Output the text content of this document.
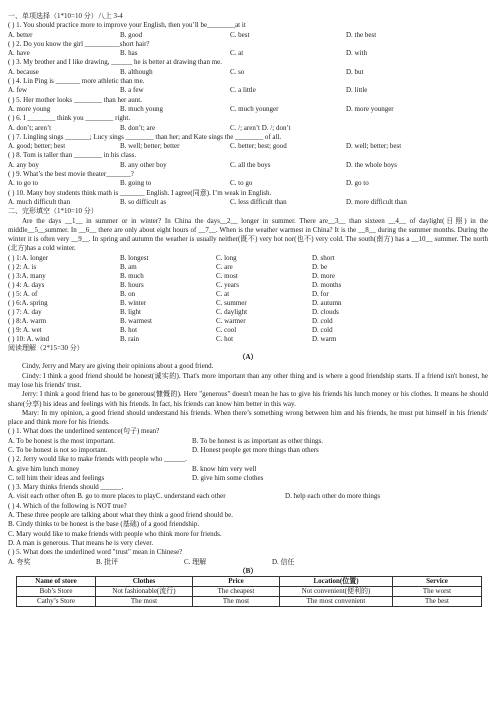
一、单项选择（1*10=10 分）八上 3-4
( ) 1. You should practice more to improve your English, then you’ll be________at it
A. better	B. good	C. best	D. the best
( ) 2. Do you know the girl __________short hair?
A. have	B. has	C. at	D. with
( ) 3. My brother and I like drawing, ______ he is better at drawing than me.
A. because	B. although	C. so	D. but
( ) 4. Lin Ping is _______ more athletic than me.
A. few	B. a few	C. a little	D. little
( ) 5. Her mother looks ________ than her aunt.
A. more young	B. much young	C. much younger	D. more younger
( ) 6. I ________ think you ________ right.
A. don’t; aren’t	B. don’t; are	C. /; aren’t D. /; don’t
( ) 7. Lingling sings _______; Lucy sings ________ than her; and Kate sings the ________ of all.
A. good; better; best	B. well; better; better	C. better; best; good	D. well; better; best
( ) 8. Tom is taller than ________ in his class.
A. any boy	B. any other boy	C. all the boys	D. the whole boys
( ) 9. What’s the best movie theater_______?
A. to go to	B. going to	C. to go	D. go to
( ) 10. Many boy students think math is _______ English. I agree(同意). I’m weak in English.
A. much difficult than	B. so difficult as	C. less difficult than	D. more difficult than
二、完形填空（1*10=10 分）
Are the days __1__ in summer or in winter? In China the days__2__ longer in summer. There are__3__ than sixteen __4__ of daylight(日照) in the middle__5__summer. In __6__ there are only about eight hours of __7__. When is the weather warmest in China? It is the __8__ during the summer months. During the winter it is often very __9__. In spring and autumn the weather is usually neither(既不) very hot nor(也不) very cold. The south(南方) has a __10__ summer. The north (北方)has a cold winter.
( ) 1:A. longer	B. longest	C. long	D. short
( ) 2: A. is	B. am	C. are	D. be
( ) 3:A. many	B. much	C. most	D. more
( ) 4: A. days	B. hours	C. years	D. months
( ) 5: A. of	B. on	C. at	D. for
( ) 6:A. spring	B. winter	C. summer	D. autumn
( ) 7: A. day	B. light	C. daylight	D. clouds
( ) 8:A. warm	B. warmest	C. warmer	D. cold
( ) 9: A. wet	B. hot	C. cool	D. cold
( ) 10: A. wind	B. rain	C. hot	D. warm
阅读理解（2*15=30 分）
（A）
Cindy, Jerry and Mary are giving their opinions about a good friend.
Cindy: I think a good friend should be honest(诚实的). That's more important than any other thing and is where a good friendship starts. If a friend isn't honest, he may lose his friends' trust.
Jerry: I think a good friend has to be generous(慷慨的). Here "generous" doesn't mean he has to give his friends his lunch money or his clothes. It means he should share(分享) his ideas and feelings with his friends. In fact, his friends can know him better in this way.
Mary: In my opinion, a good friend should understand his friends. When there’s something wrong between him and his friends, he must put himself in his friends' place and think more for his friends.
( ) 1. What does the underlined sentence(句子) mean?
A. To be honest is the most important.	B. To be honest is as important as other things.
C. To be honest is not so important.	D. Honest people get more things than others
( ) 2. Jerry would like to make friends with people who ______.
A. give him lunch money	B. know him very well
C. tell him their ideas and feelings	D. give him some clothes
( ) 3. Mary thinks friends should ______.
A. visit each other often B. go to more places to playC. understand each other                                  D. help each other do more things
( ) 4. Which of the following is NOT true?
A. These three people are talking about what they think a good friend should be.
B. Cindy thinks to be honest is the base (基础) of a good friendship.
C. Mary would like to make friends with people who think more for friends.
D. A man is generous. That means he is very clever.
( ) 5. What does the underlined word "trust" mean in Chinese?
A. 夸奖	B. 批评	C. 理解	D. 信任
（B）
Name of store	Clothes	Price	Location(位置)	Service
Bob’s Store	Not fashionable(流行)	The cheapest	Not convenient(便利的)	The worst
Cathy’s Store	The most	The most	The most convenient	The best
